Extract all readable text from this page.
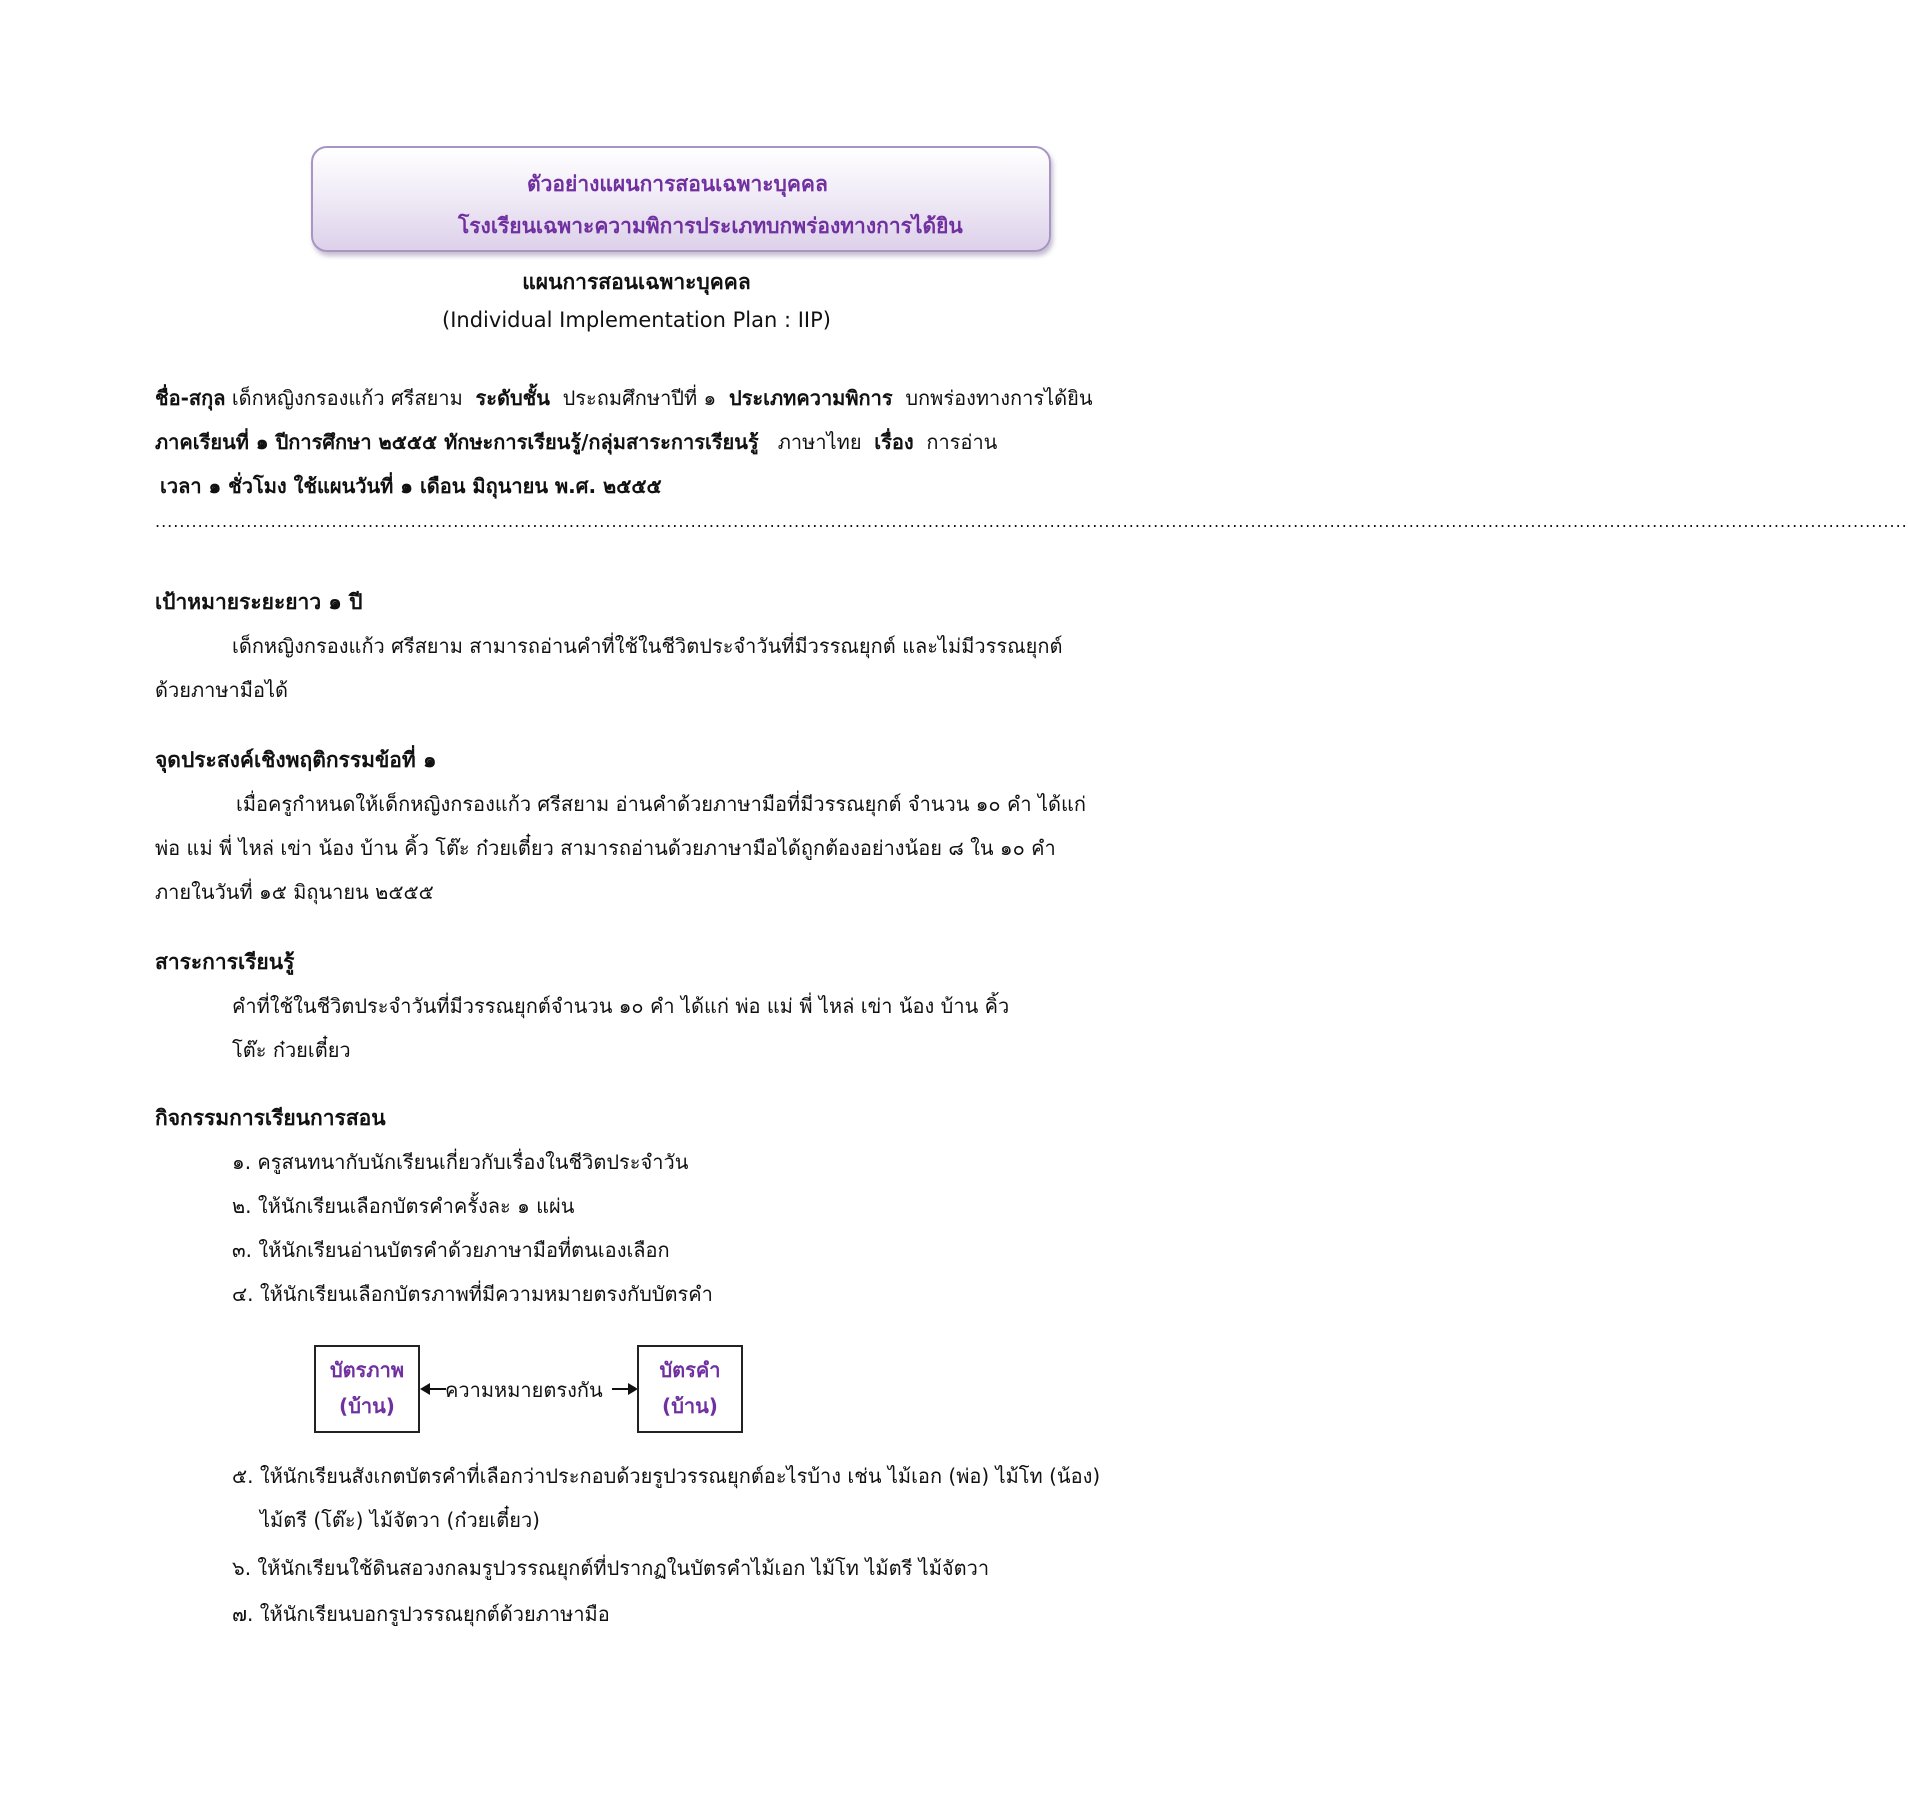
ตัวอย่างแผนการสอนเฉพาะบุคคล
โรงเรียนเฉพาะความพิการประเภทบกพร่องทางการได้ยิน
แผนการสอนเฉพาะบุคคล
(Individual Implementation Plan : IIP)
ชื่อ-สกุล เด็กหญิงกรองแก้ว ศรีสยาม ระดับชั้น ประถมศึกษาปีที่ ๑ ประเภทความพิการ บกพร่องทางการได้ยิน
ภาคเรียนที่ ๑ ปีการศึกษา ๒๕๕๕ ทักษะการเรียนรู้/กลุ่มสาระการเรียนรู้ ภาษาไทย เรื่อง การอ่าน
เวลา ๑ ชั่วโมง ใช้แผนวันที่ ๑ เดือน มิถุนายน พ.ศ. ๒๕๕๕
................................................................................................................................................................................................................................................................................................
เป้าหมายระยะยาว ๑ ปี
เด็กหญิงกรองแก้ว ศรีสยาม สามารถอ่านคำที่ใช้ในชีวิตประจำวันที่มีวรรณยุกต์ และไม่มีวรรณยุกต์
ด้วยภาษามือได้
จุดประสงค์เชิงพฤติกรรมข้อที่ ๑
เมื่อครูกำหนดให้เด็กหญิงกรองแก้ว ศรีสยาม อ่านคำด้วยภาษามือที่มีวรรณยุกต์ จำนวน ๑๐ คำ ได้แก่
พ่อ แม่ พี่ ไหล่ เข่า น้อง บ้าน คิ้ว โต๊ะ ก๋วยเตี๋ยว สามารถอ่านด้วยภาษามือได้ถูกต้องอย่างน้อย ๘ ใน ๑๐ คำ
ภายในวันที่ ๑๕ มิถุนายน ๒๕๕๕
สาระการเรียนรู้
คำที่ใช้ในชีวิตประจำวันที่มีวรรณยุกต์จำนวน ๑๐ คำ ได้แก่ พ่อ แม่ พี่ ไหล่ เข่า น้อง บ้าน คิ้ว
โต๊ะ ก๋วยเตี๋ยว
กิจกรรมการเรียนการสอน
๑. ครูสนทนากับนักเรียนเกี่ยวกับเรื่องในชีวิตประจำวัน
๒. ให้นักเรียนเลือกบัตรคำครั้งละ ๑ แผ่น
๓. ให้นักเรียนอ่านบัตรคำด้วยภาษามือที่ตนเองเลือก
๔. ให้นักเรียนเลือกบัตรภาพที่มีความหมายตรงกับบัตรคำ
บัตรภาพ
(บ้าน)
ความหมายตรงกัน
บัตรคำ
(บ้าน)
๕. ให้นักเรียนสังเกตบัตรคำที่เลือกว่าประกอบด้วยรูปวรรณยุกต์อะไรบ้าง เช่น ไม้เอก (พ่อ) ไม้โท (น้อง)
ไม้ตรี (โต๊ะ) ไม้จัตวา (ก๋วยเตี๋ยว)
๖. ให้นักเรียนใช้ดินสอวงกลมรูปวรรณยุกต์ที่ปรากฏในบัตรคำไม้เอก ไม้โท ไม้ตรี ไม้จัตวา
๗. ให้นักเรียนบอกรูปวรรณยุกต์ด้วยภาษามือ
